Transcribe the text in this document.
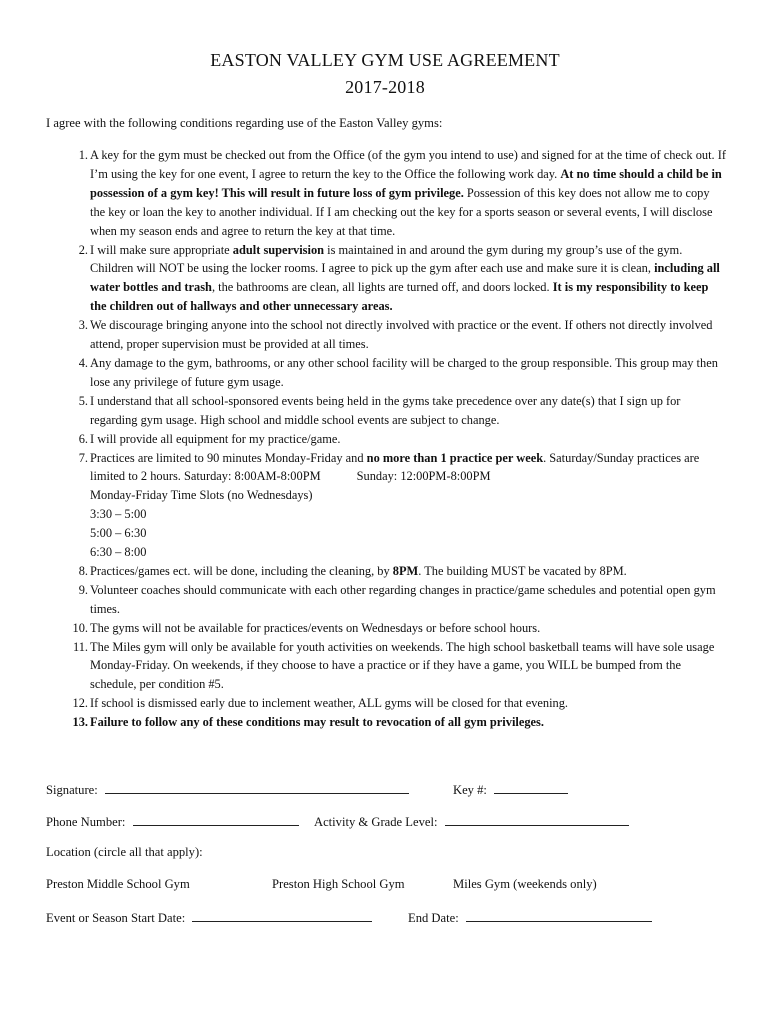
EASTON VALLEY GYM USE AGREEMENT
2017-2018
I agree with the following conditions regarding use of the Easton Valley gyms:
1. A key for the gym must be checked out from the Office (of the gym you intend to use) and signed for at the time of check out. If I’m using the key for one event, I agree to return the key to the Office the following work day. At no time should a child be in possession of a gym key! This will result in future loss of gym privilege. Possession of this key does not allow me to copy the key or loan the key to another individual. If I am checking out the key for a sports season or several events, I will disclose when my season ends and agree to return the key at that time.
2. I will make sure appropriate adult supervision is maintained in and around the gym during my group’s use of the gym. Children will NOT be using the locker rooms. I agree to pick up the gym after each use and make sure it is clean, including all water bottles and trash, the bathrooms are clean, all lights are turned off, and doors locked. It is my responsibility to keep the children out of hallways and other unnecessary areas.
3. We discourage bringing anyone into the school not directly involved with practice or the event. If others not directly involved attend, proper supervision must be provided at all times.
4. Any damage to the gym, bathrooms, or any other school facility will be charged to the group responsible. This group may then lose any privilege of future gym usage.
5. I understand that all school-sponsored events being held in the gyms take precedence over any date(s) that I sign up for regarding gym usage. High school and middle school events are subject to change.
6. I will provide all equipment for my practice/game.
7. Practices are limited to 90 minutes Monday-Friday and no more than 1 practice per week. Saturday/Sunday practices are limited to 2 hours. Saturday: 8:00AM-8:00PM	Sunday: 12:00PM-8:00PM
Monday-Friday Time Slots (no Wednesdays)
3:30 – 5:00
5:00 – 6:30
6:30 – 8:00
8. Practices/games ect. will be done, including the cleaning, by 8PM. The building MUST be vacated by 8PM.
9. Volunteer coaches should communicate with each other regarding changes in practice/game schedules and potential open gym times.
10. The gyms will not be available for practices/events on Wednesdays or before school hours.
11. The Miles gym will only be available for youth activities on weekends. The high school basketball teams will have sole usage Monday-Friday. On weekends, if they choose to have a practice or if they have a game, you WILL be bumped from the schedule, per condition #5.
12. If school is dismissed early due to inclement weather, ALL gyms will be closed for that evening.
13. Failure to follow any of these conditions may result to revocation of all gym privileges.
Signature:	Key #:
Phone Number:	Activity & Grade Level:
Location (circle all that apply):
Preston Middle School Gym	Preston High School Gym	Miles Gym (weekends only)
Event or Season Start Date:	End Date:
